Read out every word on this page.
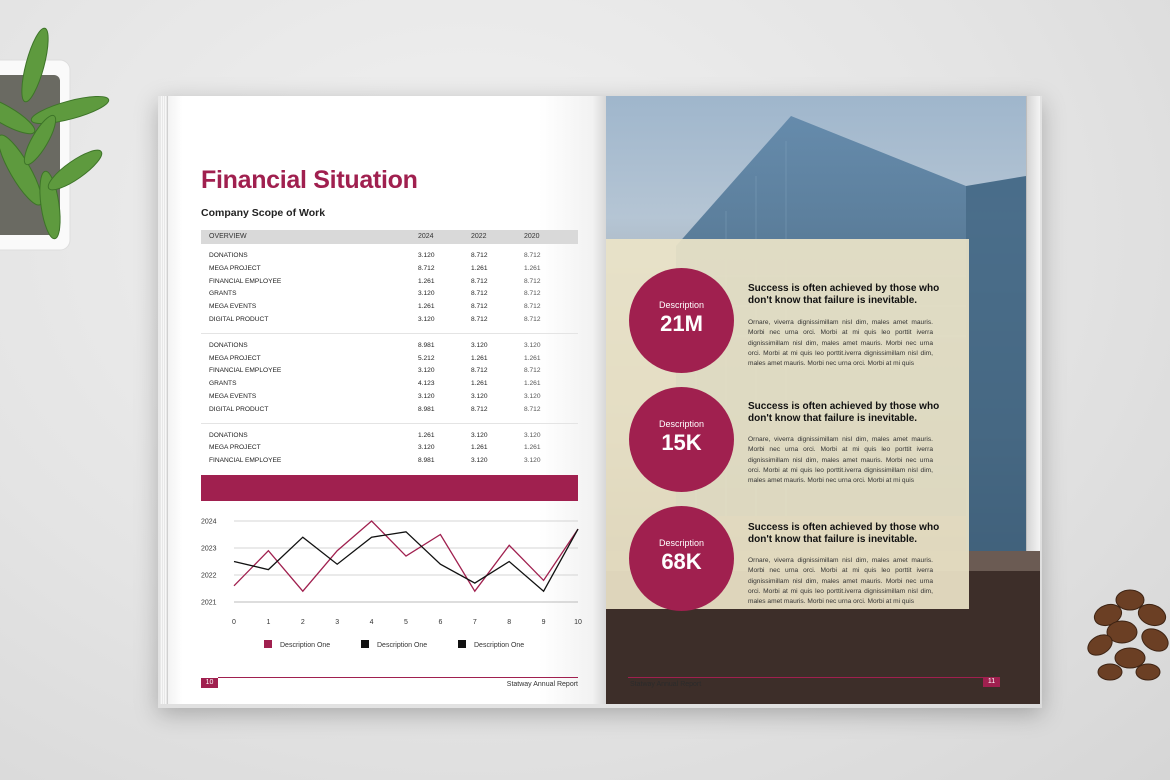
Financial Situation
Company Scope of Work
OVERVIEW	2024	2022	2020
DONATIONS	3.120	8.712	8.712
MEGA PROJECT	8.712	1.261	1.261
FINANCIAL EMPLOYEE	1.261	8.712	8.712
GRANTS	3.120	8.712	8.712
MEGA EVENTS	1.261	8.712	8.712
DIGITAL PRODUCT	3.120	8.712	8.712
DONATIONS	8.981	3.120	3.120
MEGA PROJECT	5.212	1.261	1.261
FINANCIAL EMPLOYEE	3.120	8.712	8.712
GRANTS	4.123	1.261	1.261
MEGA EVENTS	3.120	3.120	3.120
DIGITAL PRODUCT	8.981	8.712	8.712
DONATIONS	1.261	3.120	3.120
MEGA PROJECT	3.120	1.261	1.261
FINANCIAL EMPLOYEE	8.981	3.120	3.120
2021
2022
2023
2024
0	1	2	3	4	5	6	7	8	9	10
Description One	Description One	Description One
10	Statway Annual Report
Description
21M
Success is often achieved by those who don't know that failure is inevitable.
Ornare, viverra dignissimillam nisl dim, males amet mauris. Morbi nec urna orci. Morbi at mi quis leo porttit iverra dignissimillam nisl dim, males amet mauris. Morbi nec urna orci. Morbi at mi quis leo porttit.iverra dignissimillam nisl dim, males amet mauris. Morbi nec urna orci. Morbi at mi quis
Description
15K
Success is often achieved by those who don't know that failure is inevitable.
Ornare, viverra dignissimillam nisl dim, males amet mauris. Morbi nec urna orci. Morbi at mi quis leo porttit iverra dignissimillam nisl dim, males amet mauris. Morbi nec urna orci. Morbi at mi quis leo porttit.iverra dignissimillam nisl dim, males amet mauris. Morbi nec urna orci. Morbi at mi quis
Description
68K
Success is often achieved by those who don't know that failure is inevitable.
Ornare, viverra dignissimillam nisl dim, males amet mauris. Morbi nec urna orci. Morbi at mi quis leo porttit iverra dignissimillam nisl dim, males amet mauris. Morbi nec urna orci. Morbi at mi quis leo porttit.iverra dignissimillam nisl dim, males amet mauris. Morbi nec urna orci. Morbi at mi quis
11
Statway Annual Report
